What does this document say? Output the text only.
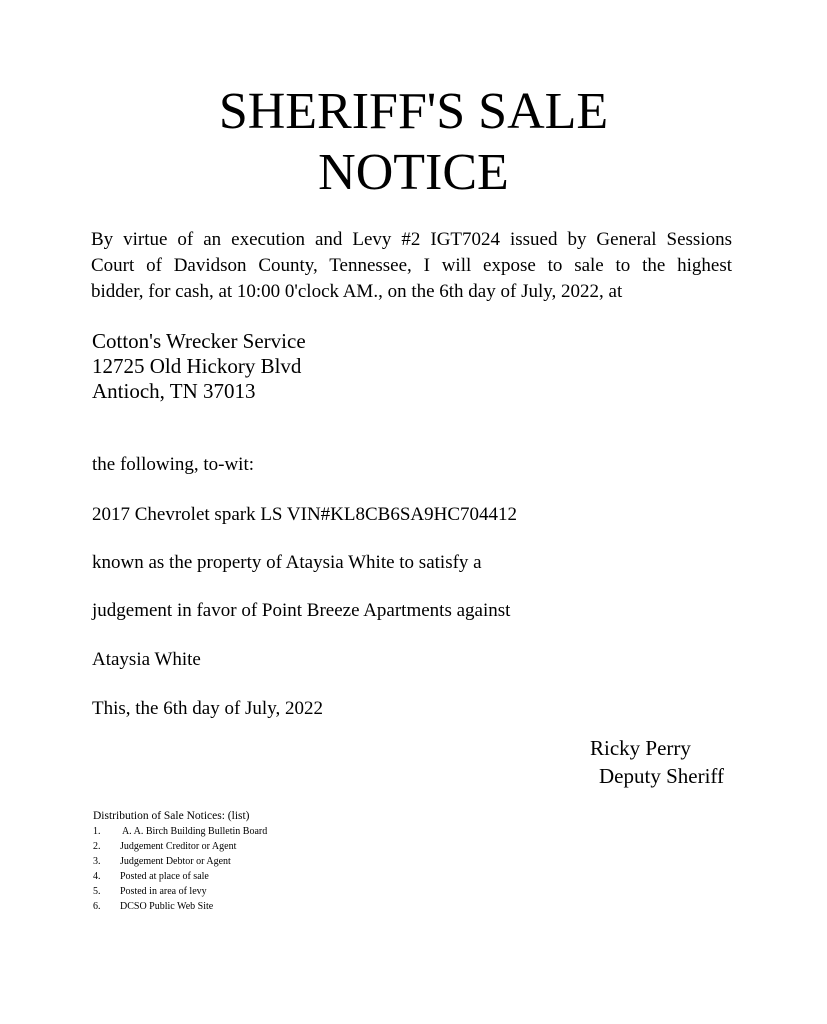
SHERIFF'S SALE
NOTICE
By virtue of an execution and Levy #2 IGT7024 issued by General Sessions
Court of Davidson County, Tennessee, I will expose to sale to the highest
bidder, for cash, at 10:00 0'clock AM., on the 6th day of July, 2022, at
Cotton's Wrecker Service
12725 Old Hickory Blvd
Antioch, TN 37013
the following, to-wit:
2017 Chevrolet spark LS VIN#KL8CB6SA9HC704412
known as the property of Ataysia White to satisfy a
judgement in favor of Point Breeze Apartments against
Ataysia White
This, the 6th day of July, 2022
Ricky Perry
Deputy Sheriff
Distribution of Sale Notices: (list)
1. A. A. Birch Building Bulletin Board
2. Judgement Creditor or Agent
3. Judgement Debtor or Agent
4. Posted at place of sale
5. Posted in area of levy
6. DCSO Public Web Site
